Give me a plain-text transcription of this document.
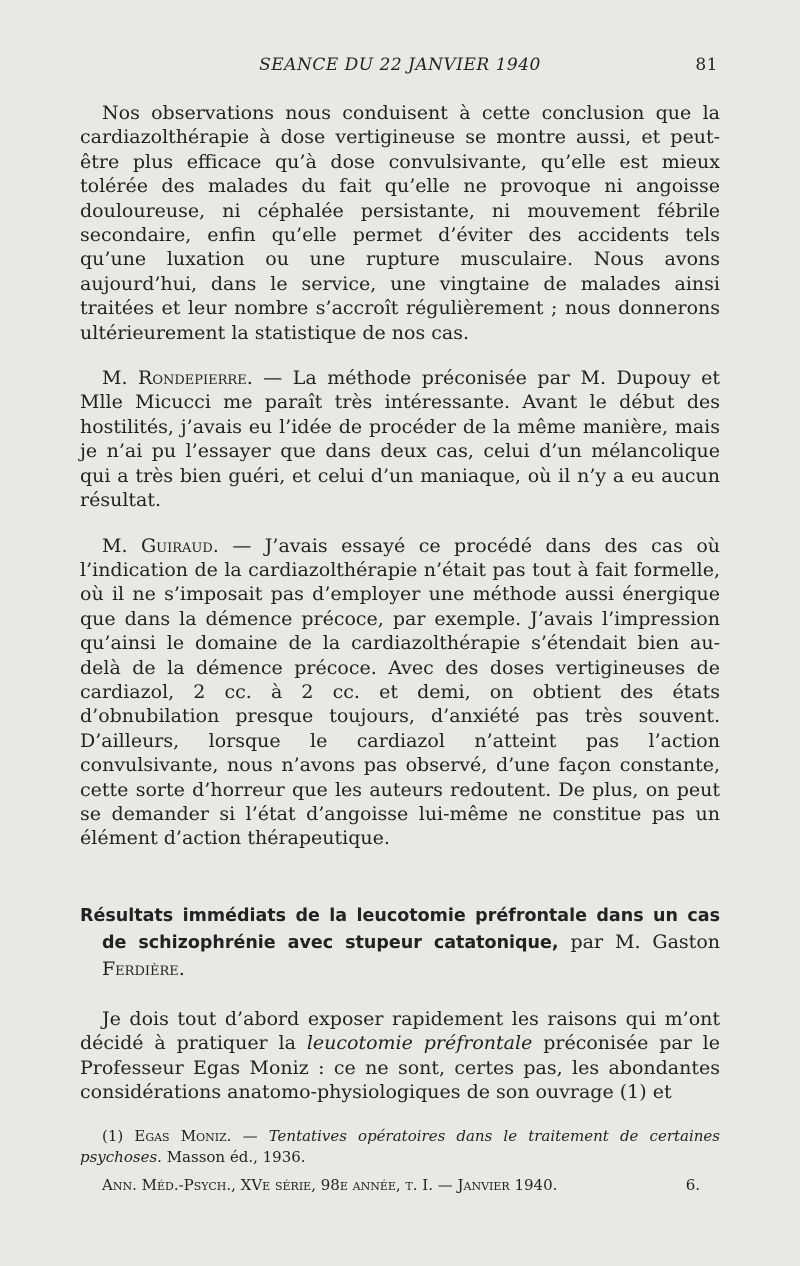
SEANCE DU 22 JANVIER 1940	81

Nos observations nous conduisent à cette conclusion que la cardiazolthérapie à dose vertigineuse se montre aussi, et peut-être plus efficace qu’à dose convulsivante, qu’elle est mieux tolérée des malades du fait qu’elle ne provoque ni angoisse douloureuse, ni céphalée persistante, ni mouvement fébrile secondaire, enfin qu’elle permet d’éviter des accidents tels qu’une luxation ou une rupture musculaire. Nous avons aujourd’hui, dans le service, une vingtaine de malades ainsi traitées et leur nombre s’accroît régulièrement ; nous donnerons ultérieurement la statistique de nos cas.

M. Rondepierre. — La méthode préconisée par M. Dupouy et Mlle Micucci me paraît très intéressante. Avant le début des hostilités, j’avais eu l’idée de procéder de la même manière, mais je n’ai pu l’essayer que dans deux cas, celui d’un mélancolique qui a très bien guéri, et celui d’un maniaque, où il n’y a eu aucun résultat.

M. Guiraud. — J’avais essayé ce procédé dans des cas où l’indication de la cardiazolthérapie n’était pas tout à fait formelle, où il ne s’imposait pas d’employer une méthode aussi énergique que dans la démence précoce, par exemple. J’avais l’impression qu’ainsi le domaine de la cardiazolthérapie s’étendait bien au-delà de la démence précoce. Avec des doses vertigineuses de cardiazol, 2 cc. à 2 cc. et demi, on obtient des états d’obnubilation presque toujours, d’anxiété pas très souvent. D’ailleurs, lorsque le cardiazol n’atteint pas l’action convulsivante, nous n’avons pas observé, d’une façon constante, cette sorte d’horreur que les auteurs redoutent. De plus, on peut se demander si l’état d’angoisse lui-même ne constitue pas un élément d’action thérapeutique.

Résultats immédiats de la leucotomie préfrontale dans un cas de schizophrénie avec stupeur catatonique, par M. Gaston Ferdière.

Je dois tout d’abord exposer rapidement les raisons qui m’ont décidé à pratiquer la leucotomie préfrontale préconisée par le Professeur Egas Moniz : ce ne sont, certes pas, les abondantes considérations anatomo-physiologiques de son ouvrage (1) et

(1) Egas Moniz. — Tentatives opératoires dans le traitement de certaines psychoses. Masson éd., 1936.
Ann. Méd.-Psych., XVe série, 98e année, t. I. — Janvier 1940.	6.
